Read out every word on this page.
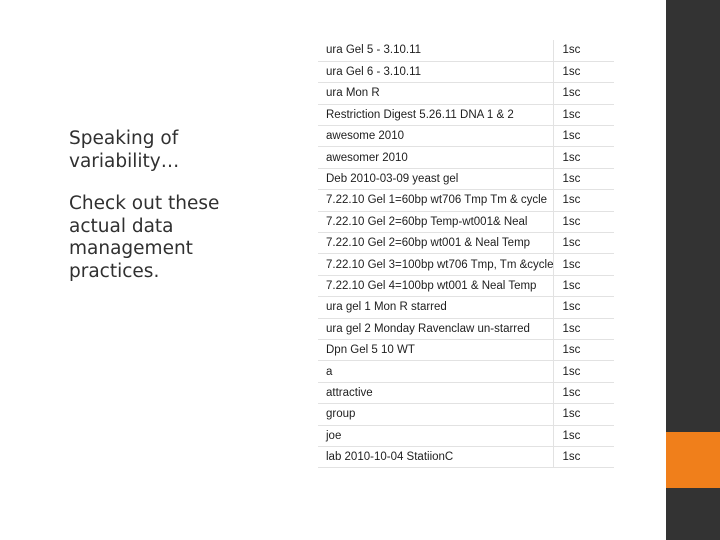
Speaking of
variability…

Check out these
actual data
management
practices.

ura Gel 5 - 3.10.11	1sc
ura Gel 6 - 3.10.11	1sc
ura Mon R	1sc
Restriction Digest 5.26.11 DNA 1 & 2	1sc
awesome 2010	1sc
awesomer 2010	1sc
Deb 2010-03-09 yeast gel	1sc
7.22.10 Gel 1=60bp wt706 Tmp Tm & cycle	1sc
7.22.10 Gel 2=60bp Temp-wt001& Neal	1sc
7.22.10 Gel 2=60bp wt001 & Neal Temp	1sc
7.22.10 Gel 3=100bp wt706 Tmp, Tm &cycle	1sc
7.22.10 Gel 4=100bp wt001 & Neal Temp	1sc
ura gel 1 Mon R starred	1sc
ura gel 2 Monday Ravenclaw un-starred	1sc
Dpn Gel 5 10 WT	1sc
a	1sc
attractive	1sc
group	1sc
joe	1sc
lab 2010-10-04 StatiionC	1sc
